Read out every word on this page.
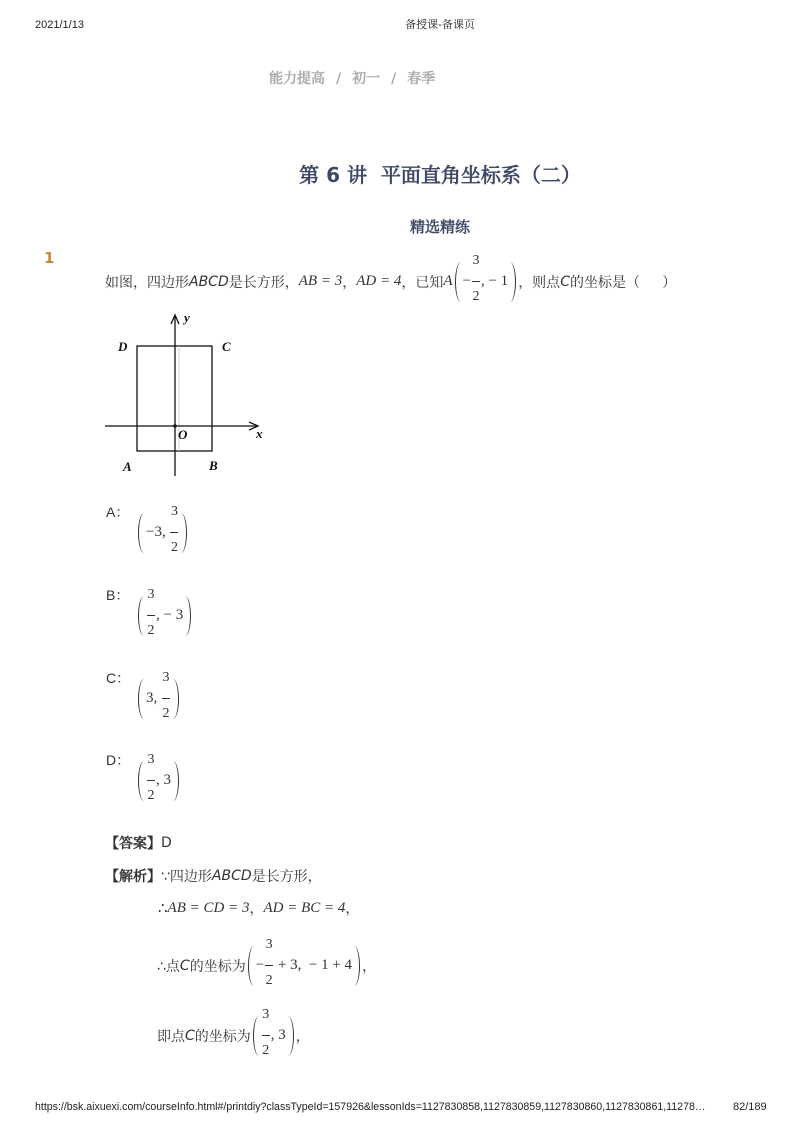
2021/1/13	备授课-备课页
能力提高 / 初一 / 春季
第 6 讲  平面直角坐标系（二）
精选精练
1
如图，四边形 ABCD 是长方形， AB = 3 ， AD = 4 ，已知 $A - \frac{3}{2}$ , − 1 ，则点 C 的坐标是（     ）
D	C
O
A	B
x
y
A：
−3, $\frac{3}{2}$
B：	$\frac{3}{2}$ , − 3
C：
3, $\frac{3}{2}$
D：	$\frac{3}{2}$ , 3
【答案】 D
【解析】 ∵四边形 ABCD 是长方形，
∴ AB = CD = 3 ， AD = BC = 4 ，
∴点 C 的坐标为 − $\frac{3}{2} + 3$,  − 1 + 4 ，
即点 C 的坐标为 $\frac{3}{2}$ , 3 ，
https://bsk.aixuexi.com/courseInfo.html#/printdiy?classTypeId=157926&lessonIds=1127830858,1127830859,1127830860,1127830861,11278…	82/189
